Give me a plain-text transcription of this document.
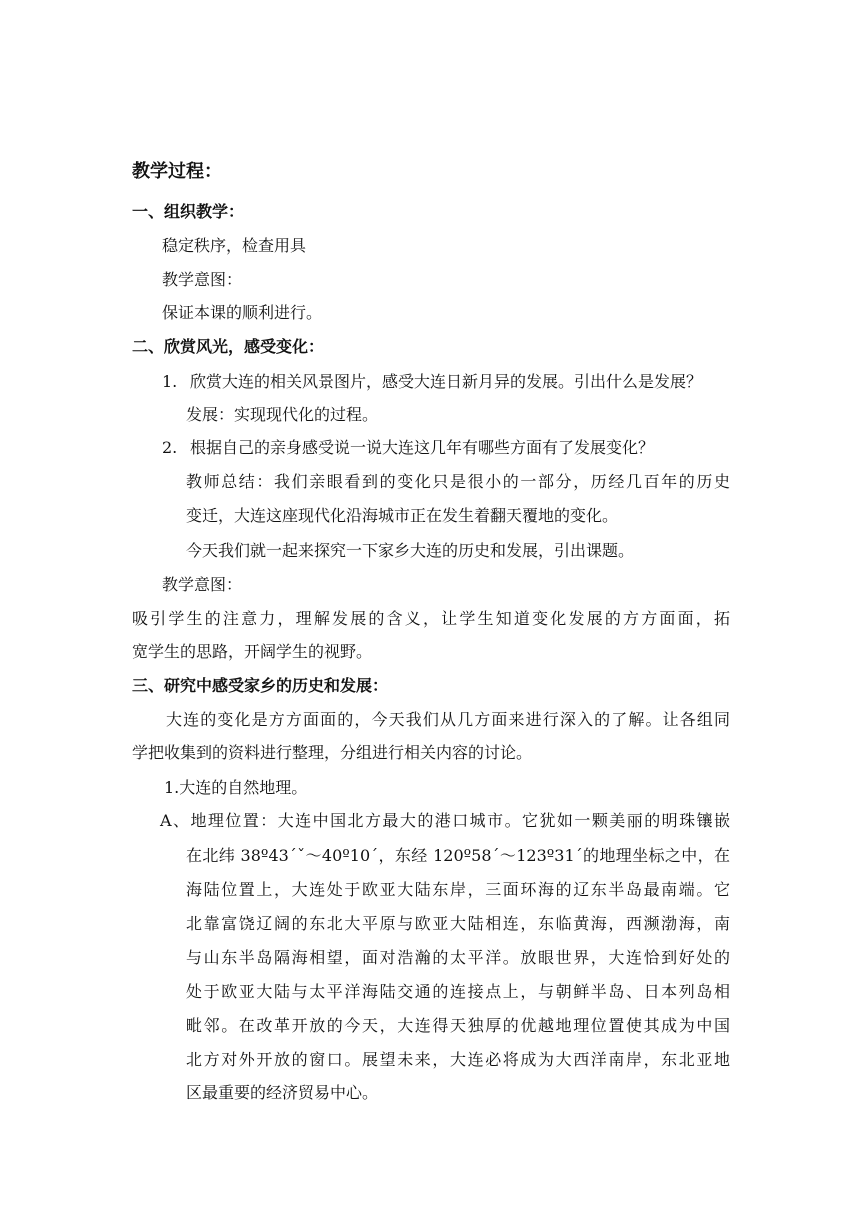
教学过程：
一、组织教学：
稳定秩序，检查用具
教学意图：
保证本课的顺利进行。
二、欣赏风光，感受变化：
1. 欣赏大连的相关风景图片，感受大连日新月异的发展。引出什么是发展？
发展：实现现代化的过程。
2. 根据自己的亲身感受说一说大连这几年有哪些方面有了发展变化？
教师总结：我们亲眼看到的变化只是很小的一部分，历经几百年的历史
变迁，大连这座现代化沿海城市正在发生着翻天覆地的变化。
今天我们就一起来探究一下家乡大连的历史和发展，引出课题。
教学意图：
吸引学生的注意力，理解发展的含义，让学生知道变化发展的方方面面，拓
宽学生的思路，开阔学生的视野。
三、研究中感受家乡的历史和发展：
大连的变化是方方面面的，今天我们从几方面来进行深入的了解。让各组同
学把收集到的资料进行整理，分组进行相关内容的讨论。
1.大连的自然地理。
A、地理位置：大连中国北方最大的港口城市。它犹如一颗美丽的明珠镶嵌
在北纬 38º43΄ˇ～40º10΄，东经 120º58΄～123º31΄的地理坐标之中，在
海陆位置上，大连处于欧亚大陆东岸，三面环海的辽东半岛最南端。它
北靠富饶辽阔的东北大平原与欧亚大陆相连，东临黄海，西濒渤海，南
与山东半岛隔海相望，面对浩瀚的太平洋。放眼世界，大连恰到好处的
处于欧亚大陆与太平洋海陆交通的连接点上，与朝鲜半岛、日本列岛相
毗邻。在改革开放的今天，大连得天独厚的优越地理位置使其成为中国
北方对外开放的窗口。展望未来，大连必将成为大西洋南岸，东北亚地
区最重要的经济贸易中心。
